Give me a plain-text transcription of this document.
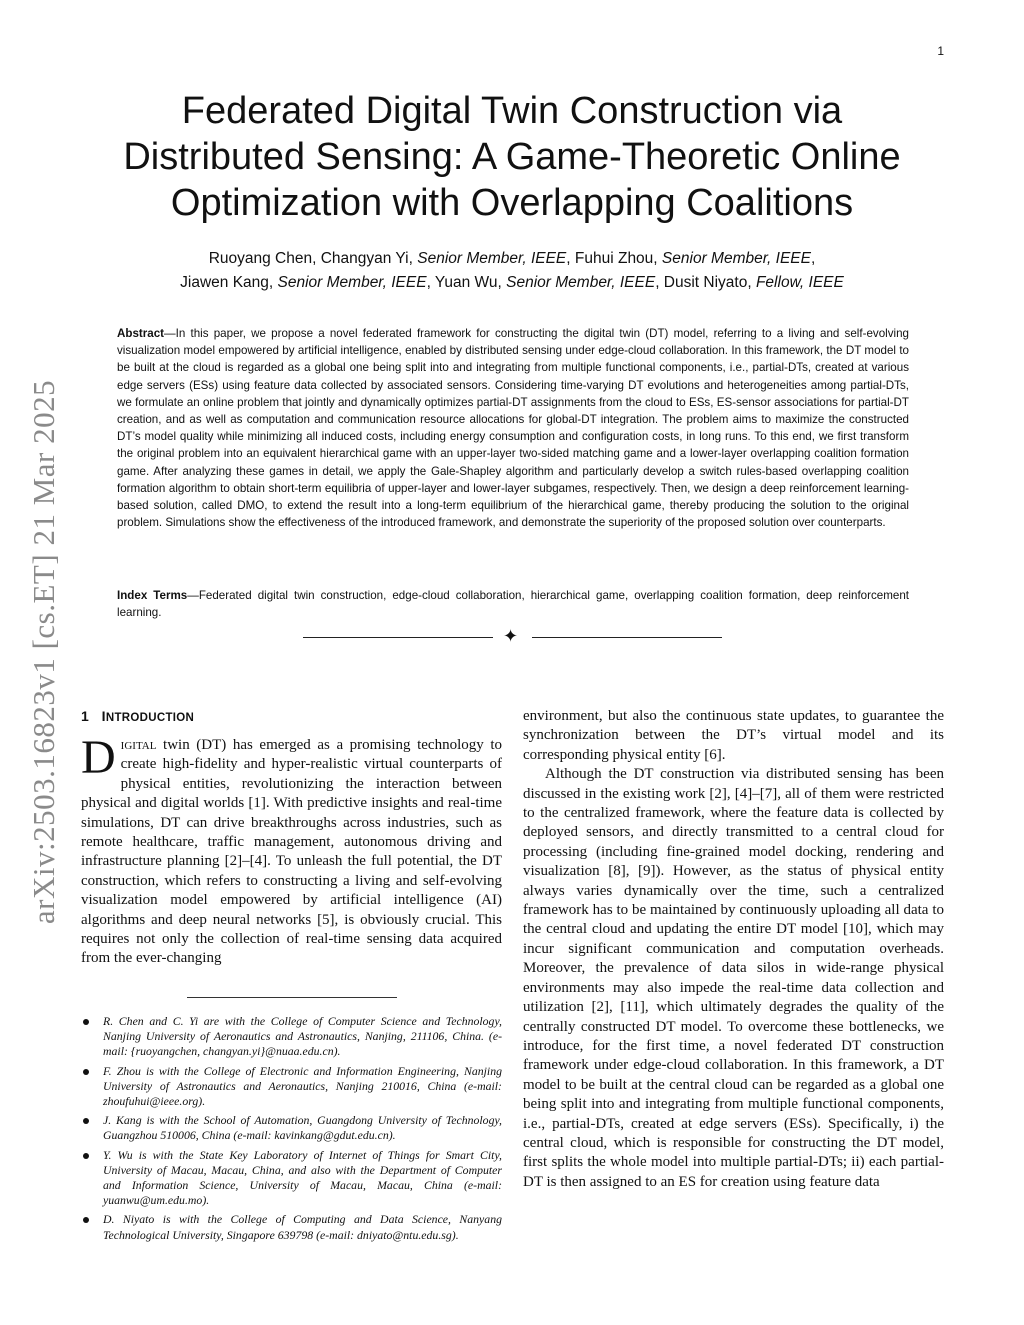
1
arXiv:2503.16823v1 [cs.ET] 21 Mar 2025
Federated Digital Twin Construction via
Distributed Sensing: A Game-Theoretic Online
Optimization with Overlapping Coalitions
Ruoyang Chen, Changyan Yi, Senior Member, IEEE, Fuhui Zhou, Senior Member, IEEE,
Jiawen Kang, Senior Member, IEEE, Yuan Wu, Senior Member, IEEE, Dusit Niyato, Fellow, IEEE

Abstract—In this paper, we propose a novel federated framework for constructing the digital twin (DT) model, referring to a living and self-evolving visualization model empowered by artificial intelligence, enabled by distributed sensing under edge-cloud collaboration. In this framework, the DT model to be built at the cloud is regarded as a global one being split into and integrating from multiple functional components, i.e., partial-DTs, created at various edge servers (ESs) using feature data collected by associated sensors. Considering time-varying DT evolutions and heterogeneities among partial-DTs, we formulate an online problem that jointly and dynamically optimizes partial-DT assignments from the cloud to ESs, ES-sensor associations for partial-DT creation, and as well as computation and communication resource allocations for global-DT integration. The problem aims to maximize the constructed DT’s model quality while minimizing all induced costs, including energy consumption and configuration costs, in long runs. To this end, we first transform the original problem into an equivalent hierarchical game with an upper-layer two-sided matching game and a lower-layer overlapping coalition formation game. After analyzing these games in detail, we apply the Gale-Shapley algorithm and particularly develop a switch rules-based overlapping coalition formation algorithm to obtain short-term equilibria of upper-layer and lower-layer subgames, respectively. Then, we design a deep reinforcement learning-based solution, called DMO, to extend the result into a long-term equilibrium of the hierarchical game, thereby producing the solution to the original problem. Simulations show the effectiveness of the introduced framework, and demonstrate the superiority of the proposed solution over counterparts.

Index Terms—Federated digital twin construction, edge-cloud collaboration, hierarchical game, overlapping coalition formation, deep reinforcement learning.

✦
1 INTRODUCTION

Digital twin (DT) has emerged as a promising technology to create high-fidelity and hyper-realistic virtual counterparts of physical entities, revolutionizing the interaction between physical and digital worlds [1]. With predictive insights and real-time simulations, DT can drive breakthroughs across industries, such as remote healthcare, traffic management, autonomous driving and infrastructure planning [2]–[4]. To unleash the full potential, the DT construction, which refers to constructing a living and self-evolving visualization model empowered by artificial intelligence (AI) algorithms and deep neural networks [5], is obviously crucial. This requires not only the collection of real-time sensing data acquired from the ever-changing

environment, but also the continuous state updates, to guarantee the synchronization between the DT’s virtual model and its corresponding physical entity [6].

Although the DT construction via distributed sensing has been discussed in the existing work [2], [4]–[7], all of them were restricted to the centralized framework, where the feature data is collected by deployed sensors, and directly transmitted to a central cloud for processing (including fine-grained model docking, rendering and visualization [8], [9]). However, as the status of physical entity always varies dynamically over the time, such a centralized framework has to be maintained by continuously uploading all data to the central cloud and updating the entire DT model [10], which may incur significant communication and computation overheads. Moreover, the prevalence of data silos in wide-range physical environments may also impede the real-time data collection and utilization [2], [11], which ultimately degrades the quality of the centrally constructed DT model. To overcome these bottlenecks, we introduce, for the first time, a novel federated DT construction framework under edge-cloud collaboration. In this framework, a DT model to be built at the central cloud can be regarded as a global one being split into and integrating from multiple functional components, i.e., partial-DTs, created at edge servers (ESs). Specifically, i) the central cloud, which is responsible for constructing the DT model, first splits the whole model into multiple partial-DTs; ii) each partial-DT is then assigned to an ES for creation using feature data

R. Chen and C. Yi are with the College of Computer Science and Technology, Nanjing University of Aeronautics and Astronautics, Nanjing, 211106, China. (e-mail: {ruoyangchen, changyan.yi}@nuaa.edu.cn).
F. Zhou is with the College of Electronic and Information Engineering, Nanjing University of Astronautics and Aeronautics, Nanjing 210016, China (e-mail: zhoufuhui@ieee.org).
J. Kang is with the School of Automation, Guangdong University of Technology, Guangzhou 510006, China (e-mail: kavinkang@gdut.edu.cn).
Y. Wu is with the State Key Laboratory of Internet of Things for Smart City, University of Macau, Macau, China, and also with the Department of Computer and Information Science, University of Macau, Macau, China (e-mail: yuanwu@um.edu.mo).
D. Niyato is with the College of Computing and Data Science, Nanyang Technological University, Singapore 639798 (e-mail: dniyato@ntu.edu.sg).
